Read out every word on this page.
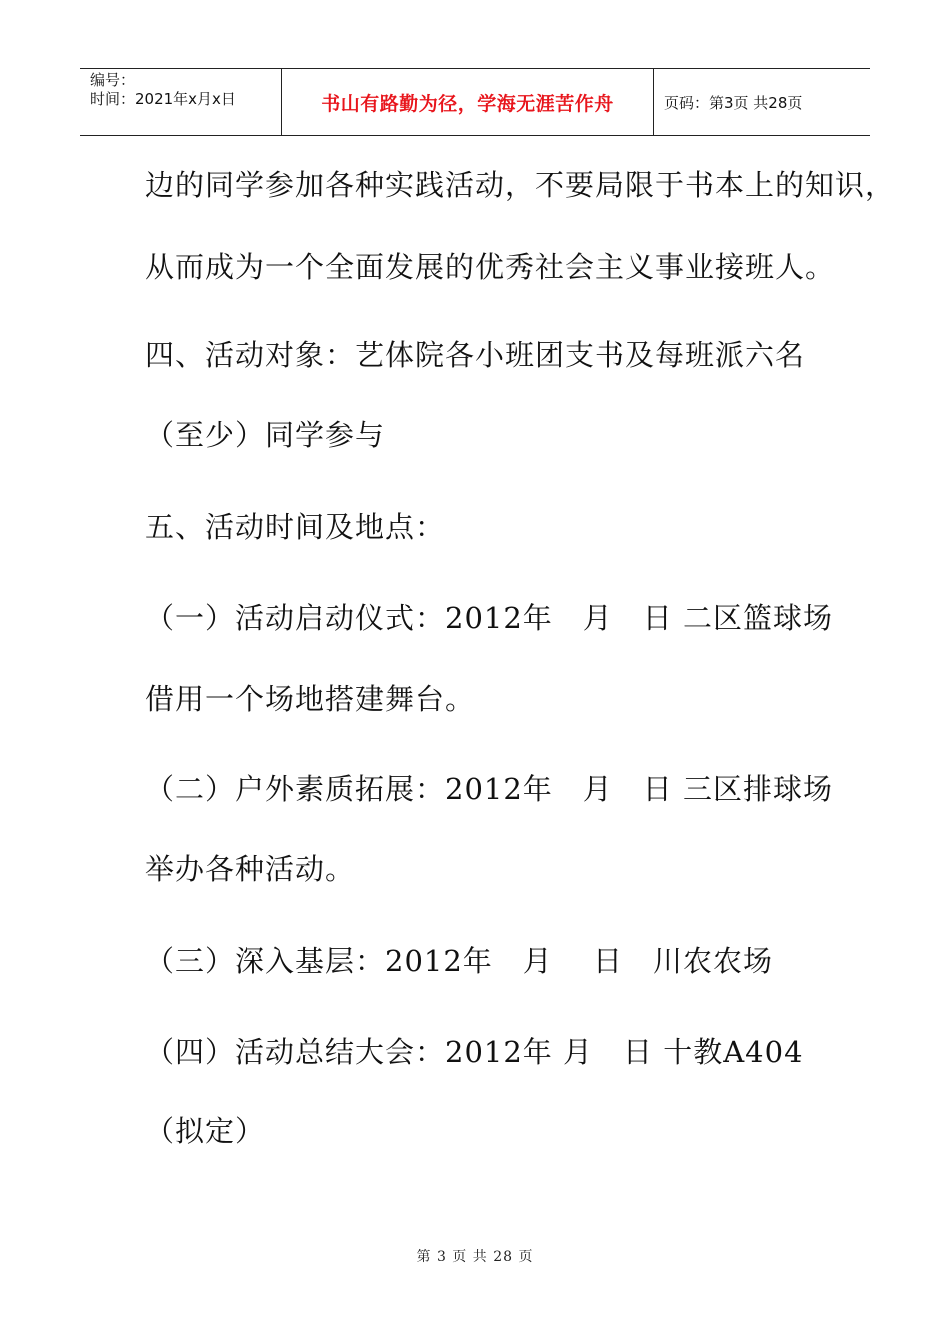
编号：
时间：2021年x月x日	书山有路勤为径，学海无涯苦作舟	页码：第3页 共28页
边的同学参加各种实践活动，不要局限于书本上的知识，
从而成为一个全面发展的优秀社会主义事业接班人。
四、活动对象：艺体院各小班团支书及每班派六名
（至少）同学参与
五、活动时间及地点：
（一）活动启动仪式：2012年　月　日 二区篮球场
借用一个场地搭建舞台。
（二）户外素质拓展：2012年　月　日 三区排球场
举办各种活动。
（三）深入基层：2012年　月　 日　川农农场
（四）活动总结大会：2012年 月　日 十教A404
（拟定）
第 3 页 共 28 页
